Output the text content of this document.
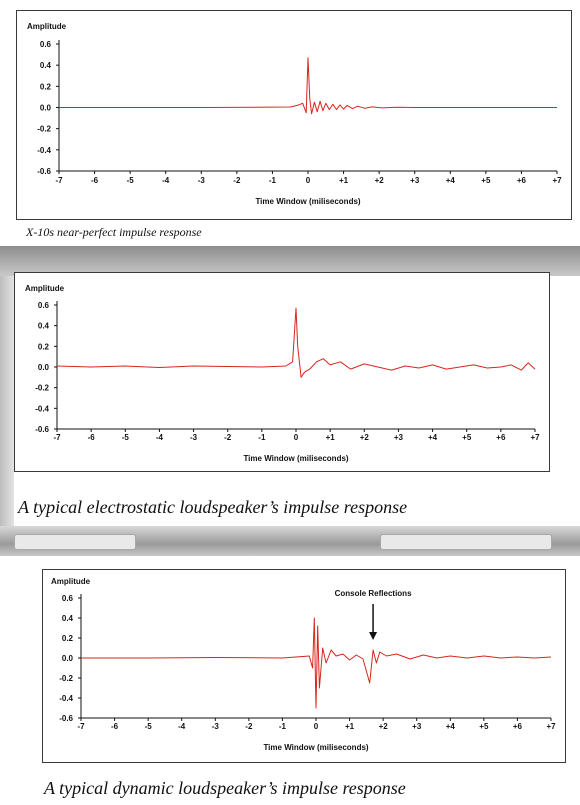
Amplitude
0.6
0.4
0.2
0.0
-0.2
-0.4
-0.6
-7	-6	-5	-4	-3	-2	-1	0	+1	+2	+3	+4	+5	+6	+7
Time Window (miliseconds)
X-10s near-perfect impulse response
Amplitude
0.6
0.4
0.2
0.0
-0.2
-0.4
-0.6
-7	-6	-5	-4	-3	-2	-1	0	+1	+2	+3	+4	+5	+6	+7
Time Window (miliseconds)
A typical electrostatic loudspeaker’s impulse response
Amplitude
0.6
0.4
0.2
0.0
-0.2
-0.4
-0.6
-7	-6	-5	-4	-3	-2	-1	0	+1	+2	+3	+4	+5	+6	+7
Time Window (miliseconds)
Console Reflections
A typical dynamic loudspeaker’s impulse response
